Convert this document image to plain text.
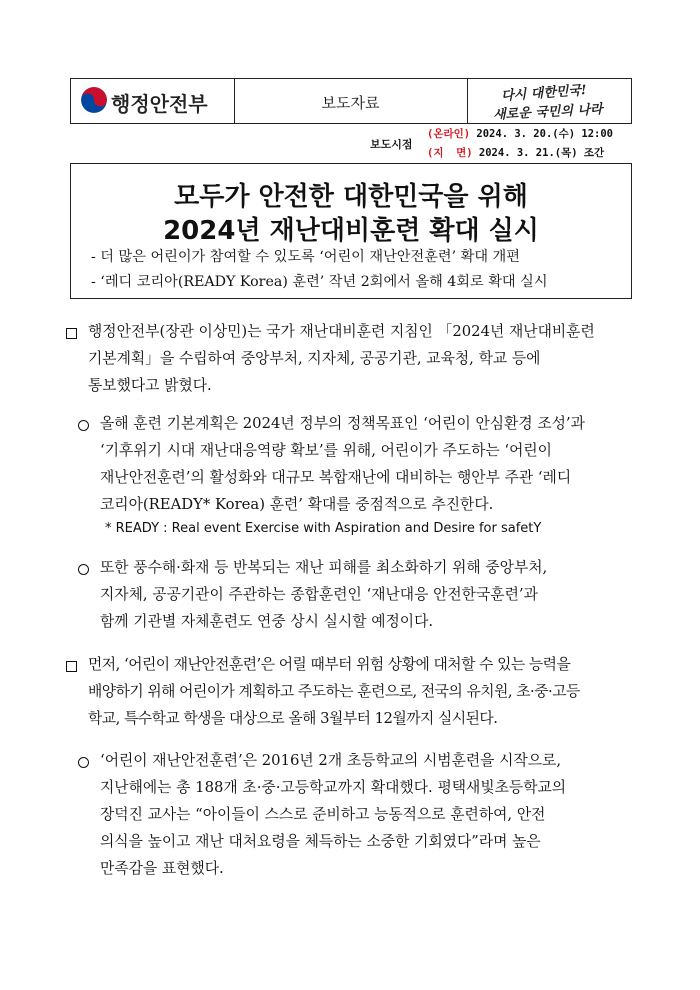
행정안전부	보도자료	다시 대한민국!
새로운 국민의 나라
보도시점
(온라인) 2024. 3. 20.(수) 12:00
(지  면) 2024. 3. 21.(목) 조간
모두가 안전한 대한민국을 위해
2024년 재난대비훈련 확대 실시
- 더 많은 어린이가 참여할 수 있도록 ‘어린이 재난안전훈련’ 확대 개편
- ‘레디 코리아(READY Korea) 훈련’ 작년 2회에서 올해 4회로 확대 실시
행정안전부(장관 이상민)는 국가 재난대비훈련 지침인 「2024년 재난대비훈련
기본계획」을 수립하여 중앙부처, 지자체, 공공기관, 교육청, 학교 등에
통보했다고 밝혔다.
올해 훈련 기본계획은 2024년 정부의 정책목표인 ‘어린이 안심환경 조성’과
‘기후위기 시대 재난대응역량 확보’를 위해, 어린이가 주도하는 ‘어린이
재난안전훈련’의 활성화와 대규모 복합재난에 대비하는 행안부 주관 ‘레디
코리아(READY* Korea) 훈련’ 확대를 중점적으로 추진한다.
* READY : Real event Exercise with Aspiration and Desire for safetY
또한 풍수해·화재 등 반복되는 재난 피해를 최소화하기 위해 중앙부처,
지자체, 공공기관이 주관하는 종합훈련인 ‘재난대응 안전한국훈련’과
함께 기관별 자체훈련도 연중 상시 실시할 예정이다.
먼저, ‘어린이 재난안전훈련’은 어릴 때부터 위험 상황에 대처할 수 있는 능력을
배양하기 위해 어린이가 계획하고 주도하는 훈련으로, 전국의 유치원, 초·중·고등
학교, 특수학교 학생을 대상으로 올해 3월부터 12월까지 실시된다.
‘어린이 재난안전훈련’은 2016년 2개 초등학교의 시범훈련을 시작으로,
지난해에는 총 188개 초·중·고등학교까지 확대했다. 평택새빛초등학교의
장덕진 교사는 “아이들이 스스로 준비하고 능동적으로 훈련하여, 안전
의식을 높이고 재난 대처요령을 체득하는 소중한 기회였다”라며 높은
만족감을 표현했다.
